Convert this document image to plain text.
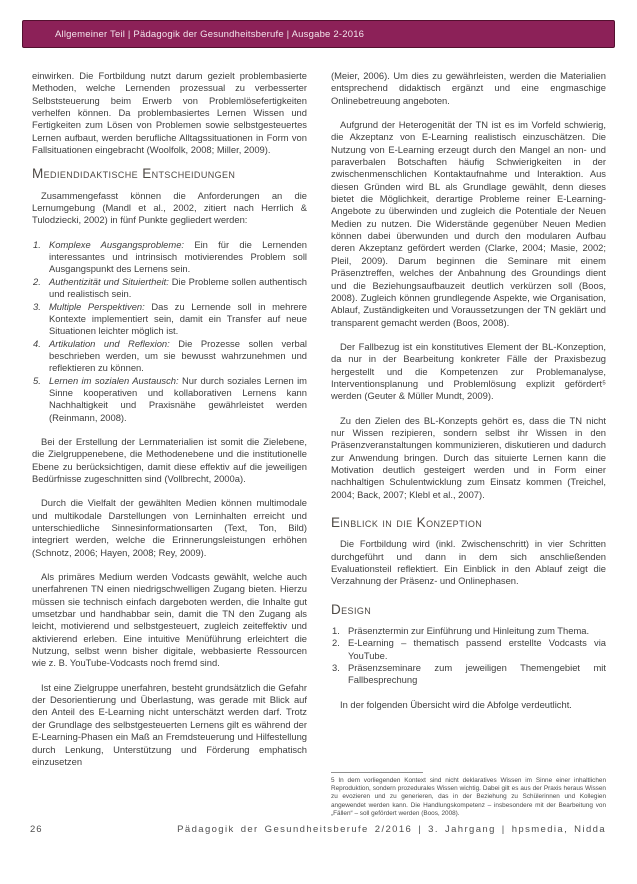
Allgemeiner Teil | Pädagogik der Gesundheitsberufe | Ausgabe 2-2016

einwirken. Die Fortbildung nutzt darum gezielt problembasierte Methoden, welche Lernenden prozessual zu verbesserter Selbststeuerung beim Erwerb von Problemlösefertigkeiten verhelfen können. Da problembasiertes Lernen Wissen und Fertigkeiten zum Lösen von Problemen sowie selbstgesteuertes Lernen aufbaut, werden berufliche Alltagssituationen in Form von Fallsituationen eingebracht (Woolfolk, 2008; Miller, 2009).

Mediendidaktische Entscheidungen

Zusammengefasst können die Anforderungen an die Lernumgebung (Mandl et al., 2002, zitiert nach Herrlich & Tulodziecki, 2002) in fünf Punkte gegliedert werden:

Komplexe Ausgangsprobleme: Ein für die Lernenden interessantes und intrinsisch motivierendes Problem soll Ausgangspunkt des Lernens sein.
Authentizität und Situiertheit: Die Probleme sollen authentisch und realistisch sein.
Multiple Perspektiven: Das zu Lernende soll in mehrere Kontexte implementiert sein, damit ein Transfer auf neue Situationen leichter möglich ist.
Artikulation und Reflexion: Die Prozesse sollen verbal beschrieben werden, um sie bewusst wahrzunehmen und reflektieren zu können.
Lernen im sozialen Austausch: Nur durch soziales Lernen im Sinne kooperativen und kollaborativen Lernens kann Nachhaltigkeit und Praxisnähe gewährleistet werden (Reinmann, 2008).

Bei der Erstellung der Lernmaterialien ist somit die Zielebene, die Zielgruppenebene, die Methodenebene und die institutionelle Ebene zu berücksichtigen, damit diese effektiv auf die jeweiligen Bedürfnisse zugeschnitten sind (Vollbrecht, 2000a).

Durch die Vielfalt der gewählten Medien können multimodale und multikodale Darstellungen von Lerninhalten erreicht und unterschiedliche Sinnesinformationsarten (Text, Ton, Bild) integriert werden, welche die Erinnerungsleistungen erhöhen (Schnotz, 2006; Hayen, 2008; Rey, 2009).

Als primäres Medium werden Vodcasts gewählt, welche auch unerfahrenen TN einen niedrigschwelligen Zugang bieten. Hierzu müssen sie technisch einfach dargeboten werden, die Inhalte gut umsetzbar und handhabbar sein, damit die TN den Zugang als leicht, motivierend und selbstgesteuert, zugleich zeiteffektiv und aktivierend erleben. Eine intuitive Menüführung erleichtert die Nutzung, selbst wenn bisher digitale, webbasierte Ressourcen wie z. B. YouTube-Vodcasts noch fremd sind.

Ist eine Zielgruppe unerfahren, besteht grundsätzlich die Gefahr der Desorientierung und Überlastung, was gerade mit Blick auf den Anteil des E-Learning nicht unterschätzt werden darf. Trotz der Grundlage des selbstgesteuerten Lernens gilt es während der E-Learning-Phasen ein Maß an Fremdsteuerung und Hilfestellung durch Lenkung, Unterstützung und Förderung emphatisch einzusetzen

(Meier, 2006). Um dies zu gewährleisten, werden die Materialien entsprechend didaktisch ergänzt und eine engmaschige Onlinebetreuung angeboten.

Aufgrund der Heterogenität der TN ist es im Vorfeld schwierig, die Akzeptanz von E-Learning realistisch einzuschätzen. Die Nutzung von E-Learning erzeugt durch den Mangel an non- und paraverbalen Botschaften häufig Schwierigkeiten in der zwischenmenschlichen Kontaktaufnahme und Interaktion. Aus diesen Gründen wird BL als Grundlage gewählt, denn dieses bietet die Möglichkeit, derartige Probleme reiner E-Learning-Angebote zu überwinden und zugleich die Potentiale der Neuen Medien zu nutzen. Die Widerstände gegenüber Neuen Medien können dabei überwunden und durch den modularen Aufbau deren Akzeptanz gefördert werden (Clarke, 2004; Masie, 2002; Pleil, 2009). Darum beginnen die Seminare mit einem Präsenztreffen, welches der Anbahnung des Groundings dient und die Beziehungsaufbauzeit deutlich verkürzen soll (Boos, 2008). Zugleich können grundlegende Aspekte, wie Organisation, Ablauf, Zuständigkeiten und Voraussetzungen der TN geklärt und transparent gemacht werden (Boos, 2008).

Der Fallbezug ist ein konstitutives Element der BL-Konzeption, da nur in der Bearbeitung konkreter Fälle der Praxisbezug hergestellt und die Kompetenzen zur Problemanalyse, Interventionsplanung und Problemlösung explizit gefördert⁵ werden (Geuter & Müller Mundt, 2009).

Zu den Zielen des BL-Konzepts gehört es, dass die TN nicht nur Wissen rezipieren, sondern selbst ihr Wissen in den Präsenzveranstaltungen kommunizieren, diskutieren und dadurch zur Anwendung bringen. Durch das situierte Lernen kann die Motivation deutlich gesteigert werden und in Form einer nachhaltigen Schulentwicklung zum Einsatz kommen (Treichel, 2004; Back, 2007; Klebl et al., 2007).

Einblick in die Konzeption

Die Fortbildung wird (inkl. Zwischenschritt) in vier Schritten durchgeführt und dann in dem sich anschließenden Evaluationsteil reflektiert. Ein Einblick in den Ablauf zeigt die Verzahnung der Präsenz- und Onlinephasen.

Design
Präsenztermin zur Einführung und Hinleitung zum Thema.
E-Learning – thematisch passend erstellte Vodcasts via YouTube.
Präsenzseminare zum jeweiligen Themengebiet mit Fallbesprechung

In der folgenden Übersicht wird die Abfolge verdeutlicht.

5 In dem vorliegenden Kontext sind nicht deklaratives Wissen im Sinne einer inhaltlichen Reproduktion, sondern prozedurales Wissen wichtig. Dabei gilt es aus der Praxis heraus Wissen zu evozieren und zu generieren, das in der Beziehung zu Schülerinnen und Kollegien angewendet werden kann. Die Handlungskompetenz – insbesondere mit der Bearbeitung von „Fällen“ – soll gefördert werden (Boos, 2008).
26	Pädagogik der Gesundheitsberufe 2/2016 | 3. Jahrgang | hpsmedia, Nidda
